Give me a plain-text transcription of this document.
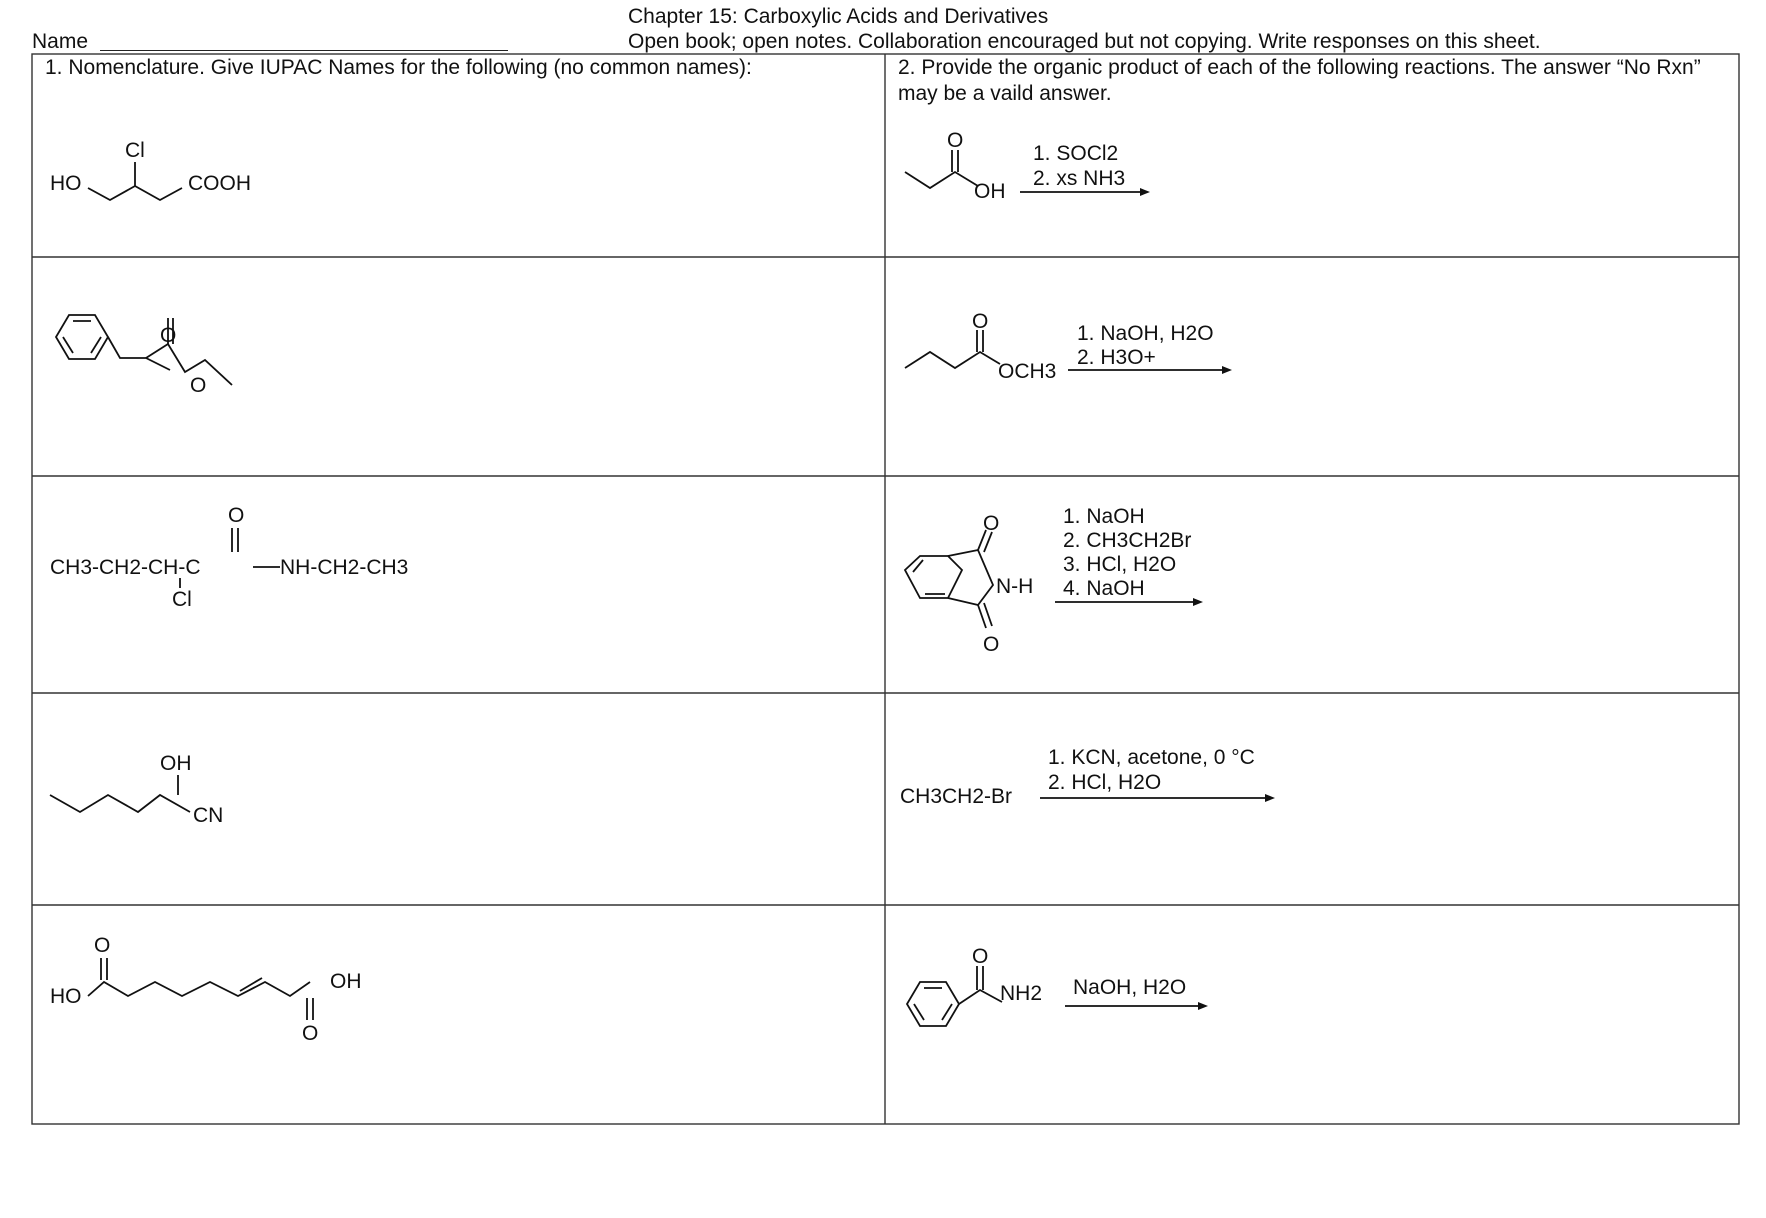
Name
Chapter 15: Carboxylic Acids and Derivatives
Open book; open notes. Collaboration encouraged but not copying. Write responses on this sheet.
1. Nomenclature. Give IUPAC Names for the following (no common names):	2. Provide the organic product of each of the following reactions. The answer “No Rxn”
may be a vaild answer.
Cl
HO	COOH
O
O
O
CH3-CH2-CH-C	NH-CH2-CH3
Cl
OH
CN
O
HO
OH
O
O
OH
1. SOCl2
2. xs NH3
O
OCH3
1. NaOH, H2O
2. H3O+
O
N-H
O
1. NaOH
2. CH3CH2Br
3. HCl, H2O
4. NaOH
CH3CH2-Br
1. KCN, acetone, 0 °C
2. HCl, H2O
O
NH2 NaOH, H2O
